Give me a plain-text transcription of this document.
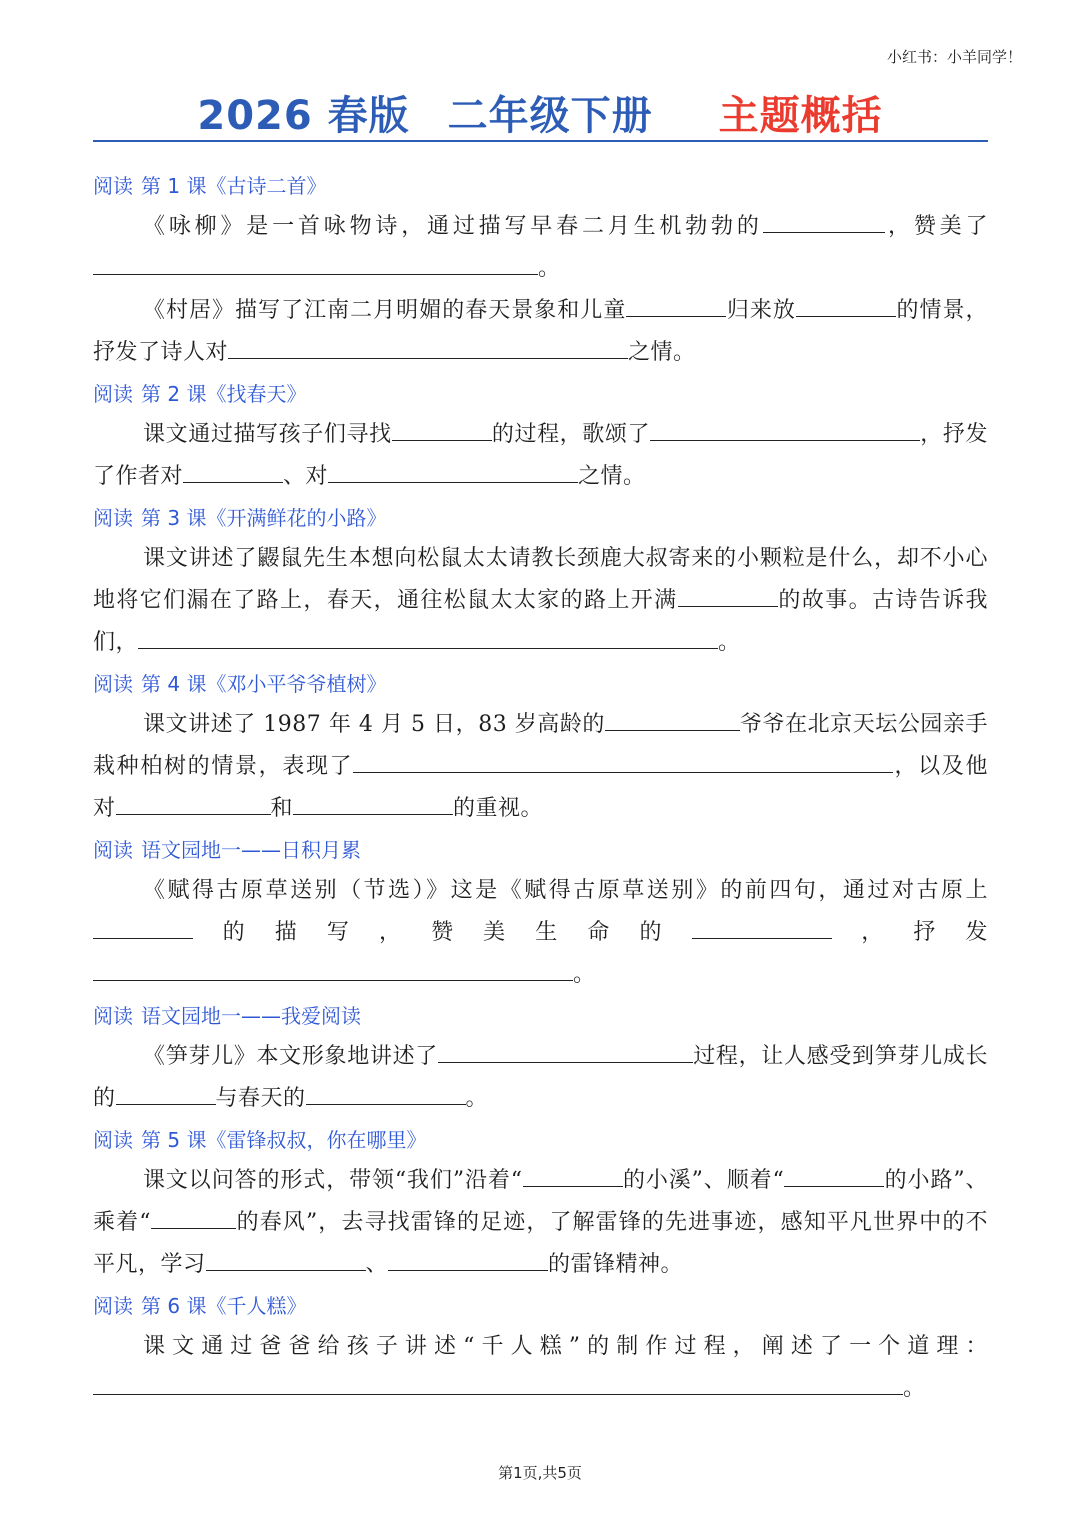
小红书：小羊同学！
2026 春版 二年级下册 主题概括
阅读 第 1 课《古诗二首》

《咏柳》是一首咏物诗，通过描写早春二月生机勃勃的	，赞美了。

《村居》描写了江南二月明媚的春天景象和儿童	归来放	的情景，抒发了诗人对	之情。

阅读 第 2 课《找春天》

课文通过描写孩子们寻找	的过程，歌颂了	，抒发了作者对	、对	之情。

阅读 第 3 课《开满鲜花的小路》

课文讲述了鼹鼠先生本想向松鼠太太请教长颈鹿大叔寄来的小颗粒是什么，却不小心地将它们漏在了路上，春天，通往松鼠太太家的路上开满	的故事。古诗告诉我们，	。

阅读 第 4 课《邓小平爷爷植树》

课文讲述了 1987 年 4 月 5 日，83 岁高龄的	爷爷在北京天坛公园亲手栽种柏树的情景，表现了	，以及他对	和	的重视。

阅读 语文园地一——日积月累

《赋得古原草送别（节选）》这是《赋得古原草送别》的前四句，通过对古原上的描写，赞美生命的	，抒发。

阅读 语文园地一——我爱阅读

《笋芽儿》本文形象地讲述了	过程，让人感受到笋芽儿成长的	与春天的	。

阅读 第 5 课《雷锋叔叔，你在哪里》

课文以问答的形式，带领“我们”沿着“	的小溪”、顺着“	的小路”、乘着“	的春风”，去寻找雷锋的足迹，了解雷锋的先进事迹，感知平凡世界中的不平凡，学习	、	的雷锋精神。

阅读 第 6 课《千人糕》

课文通过爸爸给孩子讲述“千人糕”的制作过程，阐述了一个道理：。

第1页,共5页
